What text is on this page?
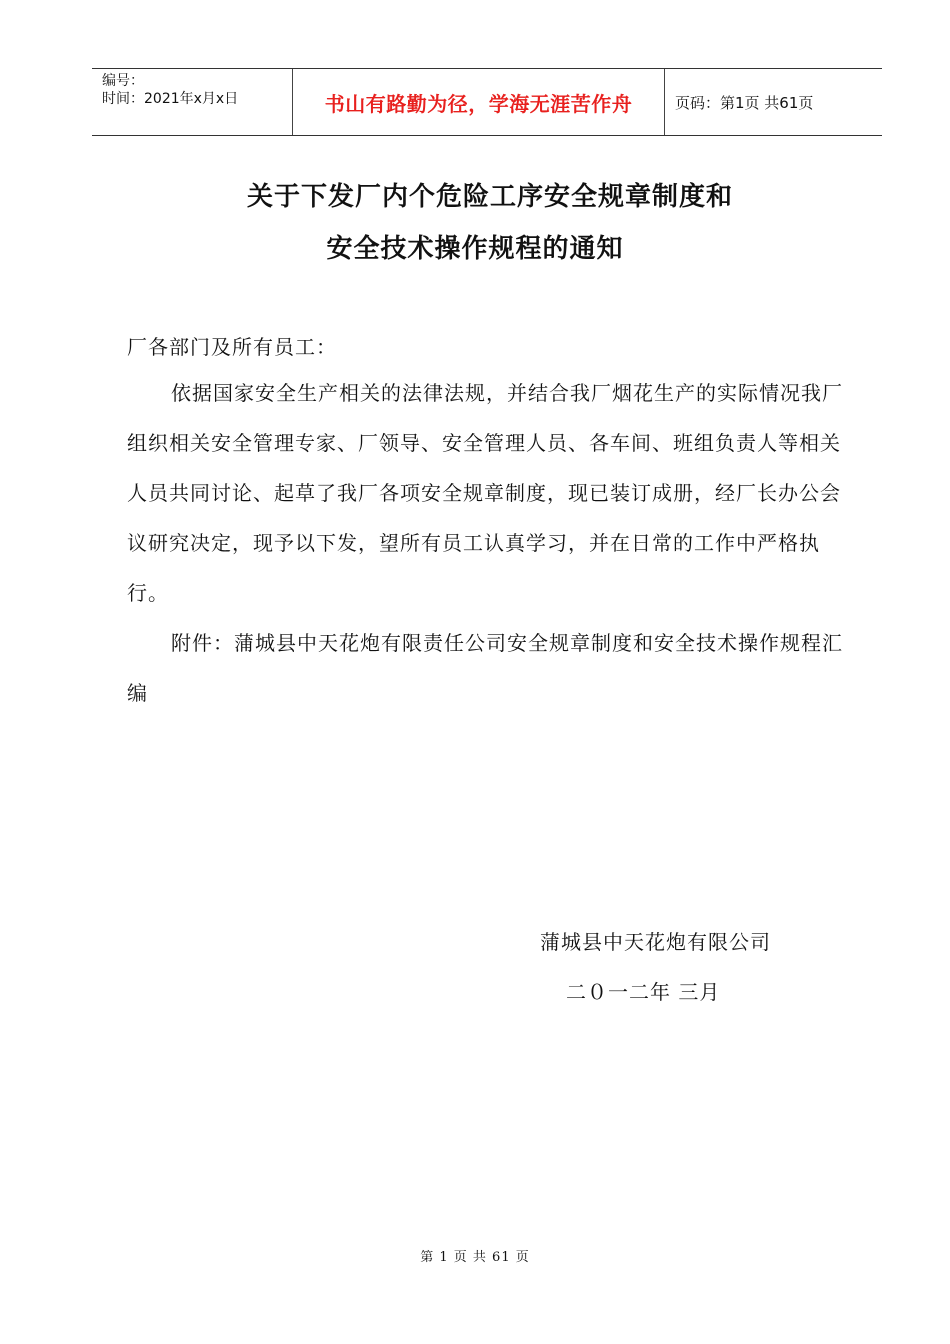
编号：
时间：2021年x月x日	书山有路勤为径，学海无涯苦作舟	页码：第1页 共61页
关于下发厂内个危险工序安全规章制度和
安全技术操作规程的通知
厂各部门及所有员工：
依据国家安全生产相关的法律法规，并结合我厂烟花生产的实际情况我厂组织相关安全管理专家、厂领导、安全管理人员、各车间、班组负责人等相关人员共同讨论、起草了我厂各项安全规章制度，现已装订成册，经厂长办公会议研究决定，现予以下发，望所有员工认真学习，并在日常的工作中严格执行。
附件：蒲城县中天花炮有限责任公司安全规章制度和安全技术操作规程汇编
蒲城县中天花炮有限公司
二０一二年 三月
第 1 页 共 61 页
